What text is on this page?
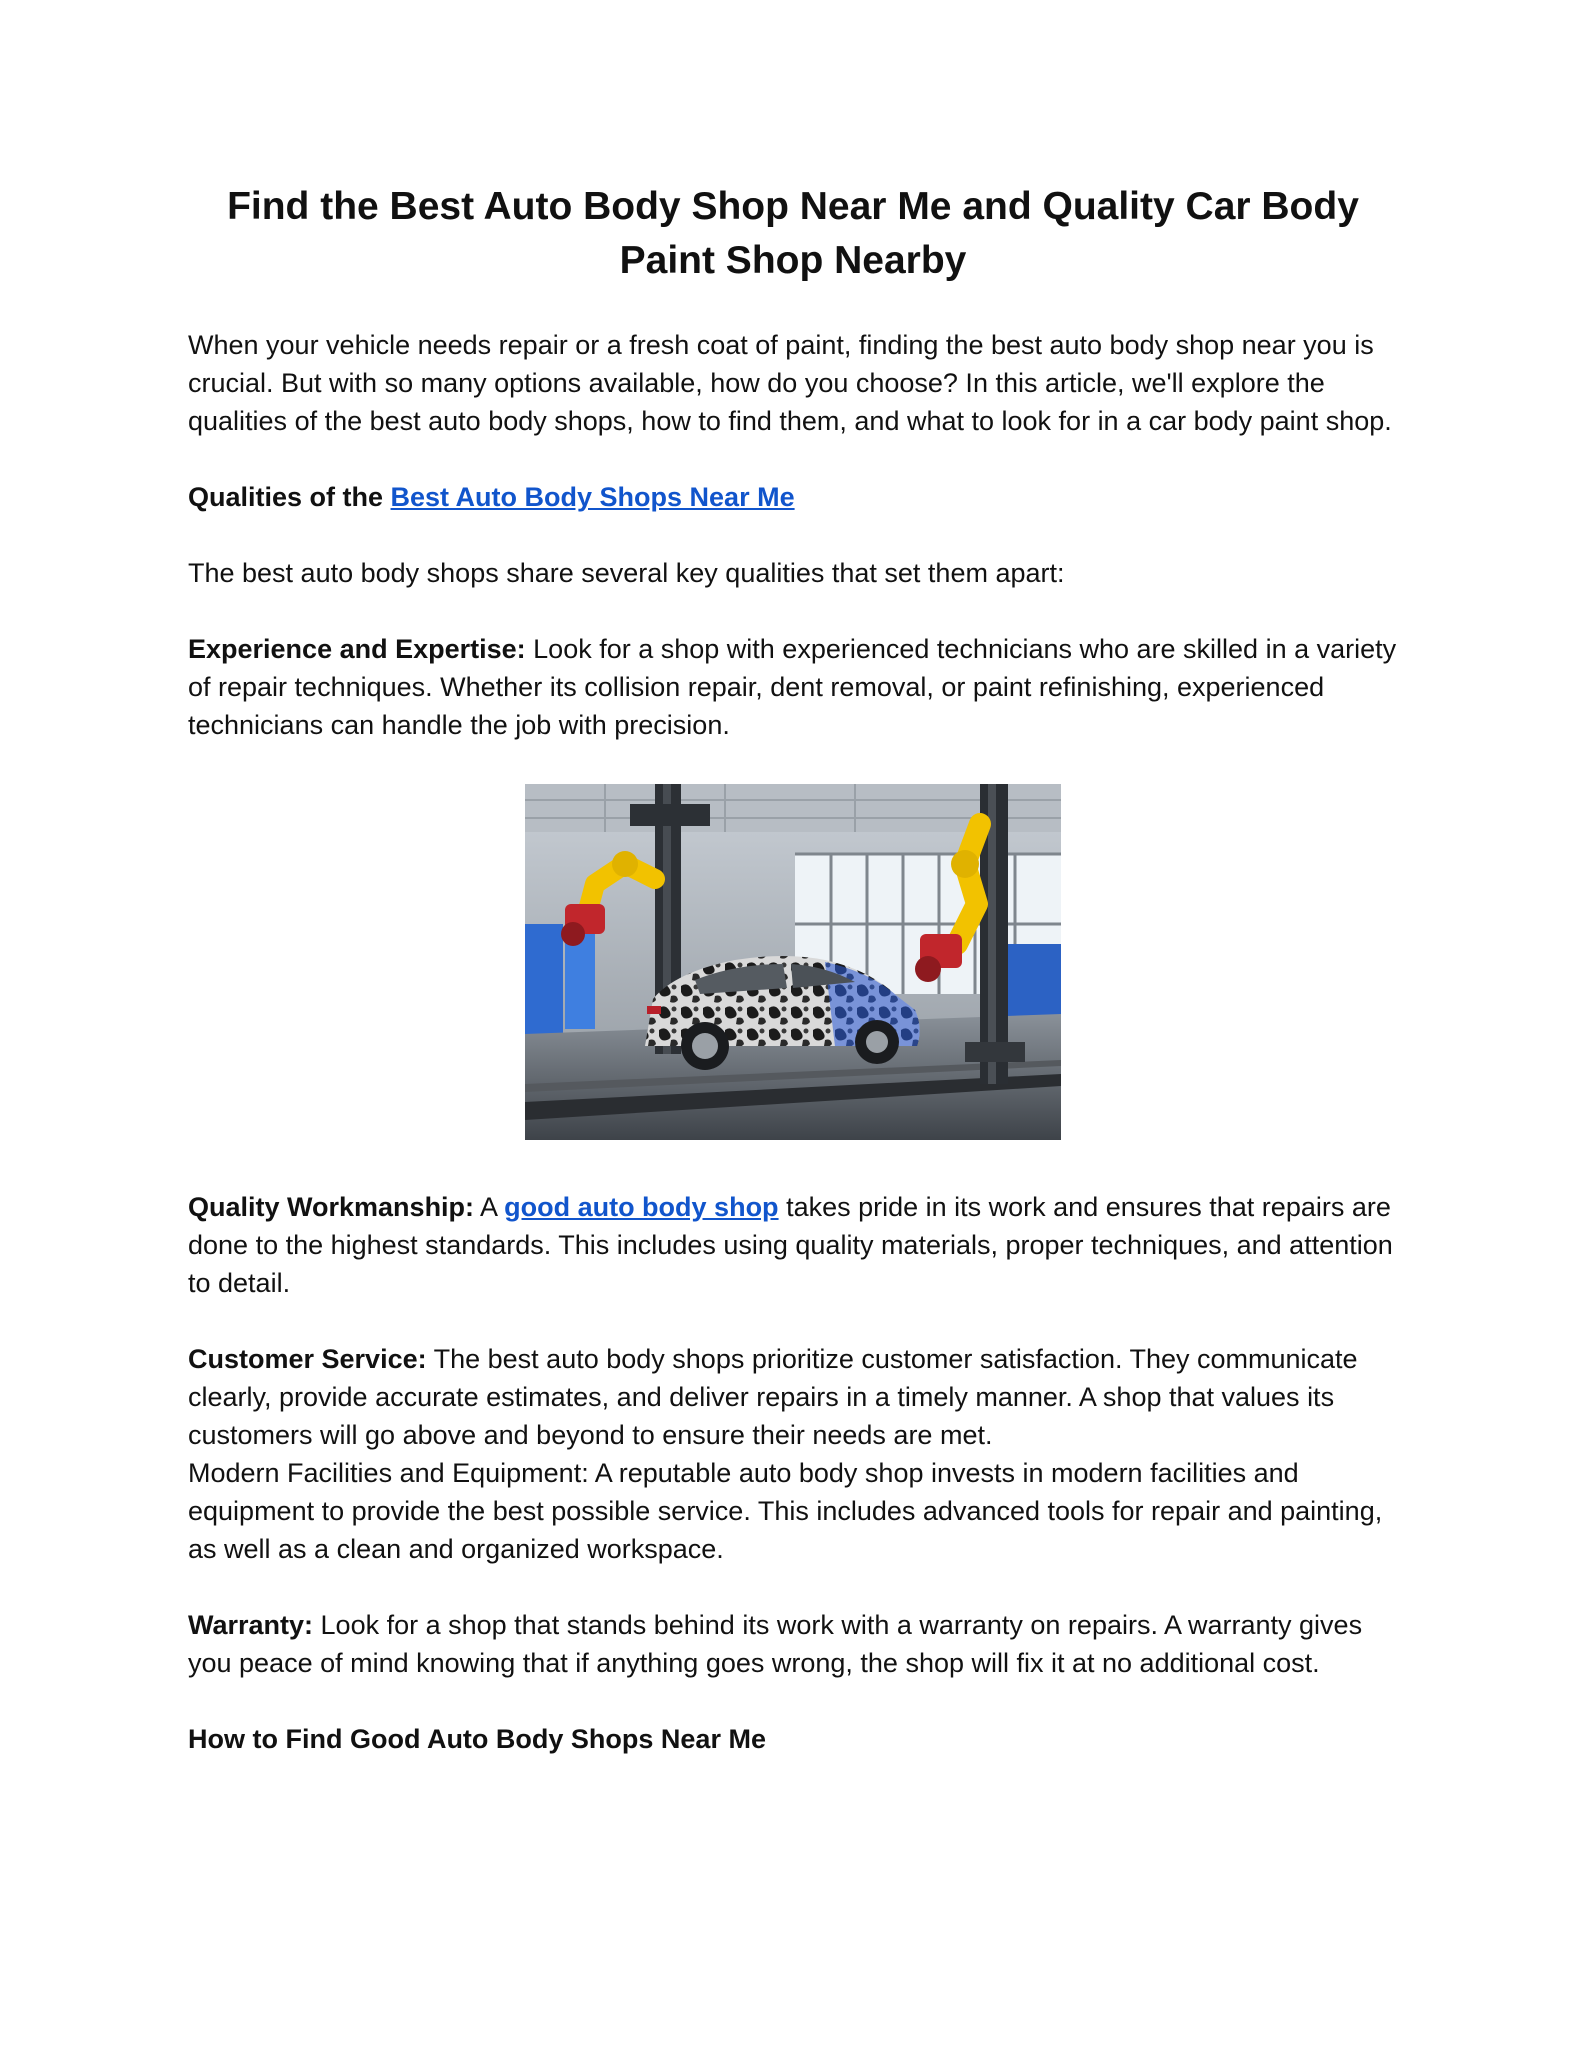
Find the Best Auto Body Shop Near Me and Quality Car Body Paint Shop Nearby

When your vehicle needs repair or a fresh coat of paint, finding the best auto body shop near you is crucial. But with so many options available, how do you choose? In this article, we'll explore the qualities of the best auto body shops, how to find them, and what to look for in a car body paint shop.

Qualities of the Best Auto Body Shops Near Me

The best auto body shops share several key qualities that set them apart:

Experience and Expertise: Look for a shop with experienced technicians who are skilled in a variety of repair techniques. Whether its collision repair, dent removal, or paint refinishing, experienced technicians can handle the job with precision.

Quality Workmanship: A good auto body shop takes pride in its work and ensures that repairs are done to the highest standards. This includes using quality materials, proper techniques, and attention to detail.

Customer Service: The best auto body shops prioritize customer satisfaction. They communicate clearly, provide accurate estimates, and deliver repairs in a timely manner. A shop that values its customers will go above and beyond to ensure their needs are met.

Modern Facilities and Equipment: A reputable auto body shop invests in modern facilities and equipment to provide the best possible service. This includes advanced tools for repair and painting, as well as a clean and organized workspace.

Warranty: Look for a shop that stands behind its work with a warranty on repairs. A warranty gives you peace of mind knowing that if anything goes wrong, the shop will fix it at no additional cost.

How to Find Good Auto Body Shops Near Me
